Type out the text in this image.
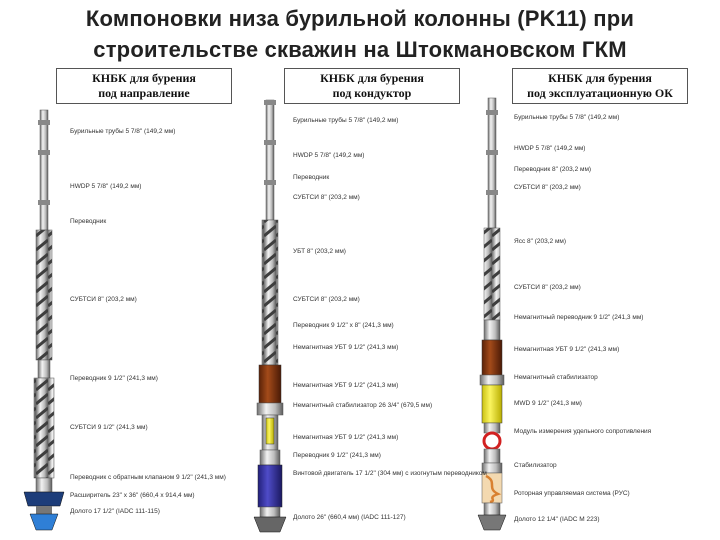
Компоновки низа бурильной колонны (PK11) при
строительстве скважин на Штокмановском ГКМ
КНБК для бурения
под направление
КНБК для бурения
под кондуктор
КНБК для бурения
под эксплуатационную ОК
Бурильные трубы 5 7/8" (149,2 мм)
HWDP 5 7/8" (149,2 мм)
Переводник
СУБТСИ 8" (203,2 мм)
Переводник 9 1/2" (241,3 мм)
СУБТСИ 9 1/2" (241,3 мм)
Переводник с обратным клапаном 9 1/2" (241,3 мм)
Расширитель 23" х 36" (660,4 x 914,4 мм)
Долото 17 1/2" (IADC 111-115)
Бурильные трубы 5 7/8" (149,2 мм)
HWDP 5 7/8" (149,2 мм)
Переводник
СУБТСИ 8" (203,2 мм)
УБТ 8" (203,2 мм)
СУБТСИ 8" (203,2 мм)
Переводник 9 1/2" х 8" (241,3 мм)
Немагнитная УБТ 9 1/2" (241,3 мм)
Немагнитная УБТ 9 1/2" (241,3 мм)
Немагнитный стабилизатор 26 3/4" (679,5 мм)
Немагнитная УБТ 9 1/2" (241,3 мм)
Переводник 9 1/2" (241,3 мм)
Винтовой двигатель 17 1/2" (304 мм) с изогнутым переводником
Долото 26" (660,4 мм) (IADC 111-127)
Бурильные трубы 5 7/8" (149,2 мм)
HWDP 5 7/8" (149,2 мм)
Переводник 8" (203,2 мм)
СУБТСИ 8" (203,2 мм)
Ясс 8" (203,2 мм)
СУБТСИ 8" (203,2 мм)
Немагнитный переводник 9 1/2" (241,3 мм)
Немагнитная УБТ 9 1/2" (241,3 мм)
Немагнитный стабилизатор
MWD 9 1/2" (241,3 мм)
Модуль измерения удельного сопротивления
Стабилизатор
Роторная управляемая система (РУС)
Долото 12 1/4" (IADC M 223)
